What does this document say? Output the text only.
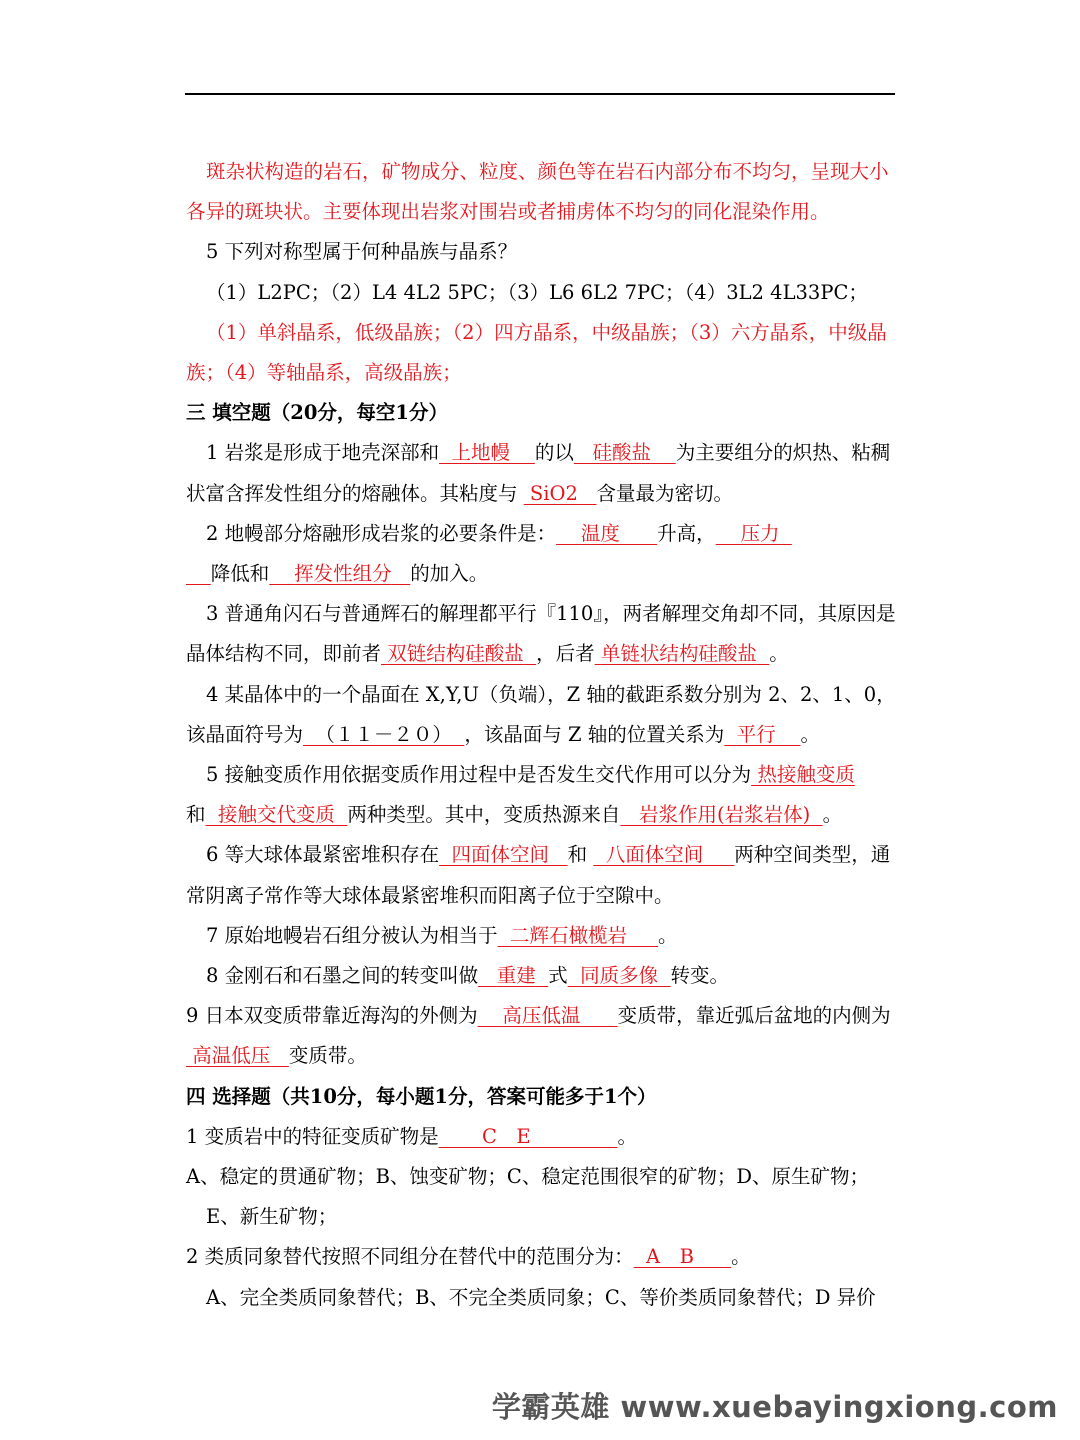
斑杂状构造的岩石，矿物成分、粒度、颜色等在岩石内部分布不均匀，呈现大小各异的斑块状。主要体现出岩浆对围岩或者捕虏体不均匀的同化混染作用。

5 下列对称型属于何种晶族与晶系？

（1）L2PC；（2）L4 4L2 5PC；（3）L6 6L2 7PC；（4）3L2 4L33PC；

（1）单斜晶系，低级晶族；（2）四方晶系，中级晶族；（3）六方晶系，中级晶族；（4）等轴晶系，高级晶族；

三 填空题（20分，每空1分）

1 岩浆是形成于地壳深部和 上地幔 的以 硅酸盐 为主要组分的炽热、粘稠状富含挥发性组分的熔融体。其粘度与  SiO2 含量最为密切。

2 地幔部分熔融形成岩浆的必要条件是： 温度 升高， 压力
降低和 挥发性组分 的加入。

3 普通角闪石与普通辉石的解理都平行『110』，两者解理交角却不同，其原因是晶体结构不同，即前者 双链结构硅酸盐 ，后者 单链状结构硅酸盐 。

4 某晶体中的一个晶面在 X,Y,U（负端），Z 轴的截距系数分别为 2、2、1、0，该晶面符号为 （１１－２０） ，该晶面与 Z 轴的位置关系为 平行 。

5 接触变质作用依据变质作用过程中是否发生交代作用可以分为 热接触变质
和 接触交代变质 两种类型。其中，变质热源来自 岩浆作用(岩浆岩体) 。

6 等大球体最紧密堆积存在 四面体空间 和   八面体空间 两种空间类型，通常阴离子常作等大球体最紧密堆积而阳离子位于空隙中。

7 原始地幔岩石组分被认为相当于 二辉石橄榄岩 。

8 金刚石和石墨之间的转变叫做 重建 式 同质多像 转变。

9 日本双变质带靠近海沟的外侧为 高压低温 变质带，靠近弧后盆地的内侧为 高温低压 变质带。

四 选择题（共10分，每小题1分，答案可能多于1个）

1 变质岩中的特征变质矿物是 C　E	。

A、稳定的贯通矿物；B、蚀变矿物；C、稳定范围很窄的矿物；D、原生矿物；E、新生矿物；

2 类质同象替代按照不同组分在替代中的范围分为： A　B 。

A、完全类质同象替代；B、不完全类质同象；C、等价类质同象替代；D 异价

学霸英雄 www.xuebayingxiong.com
